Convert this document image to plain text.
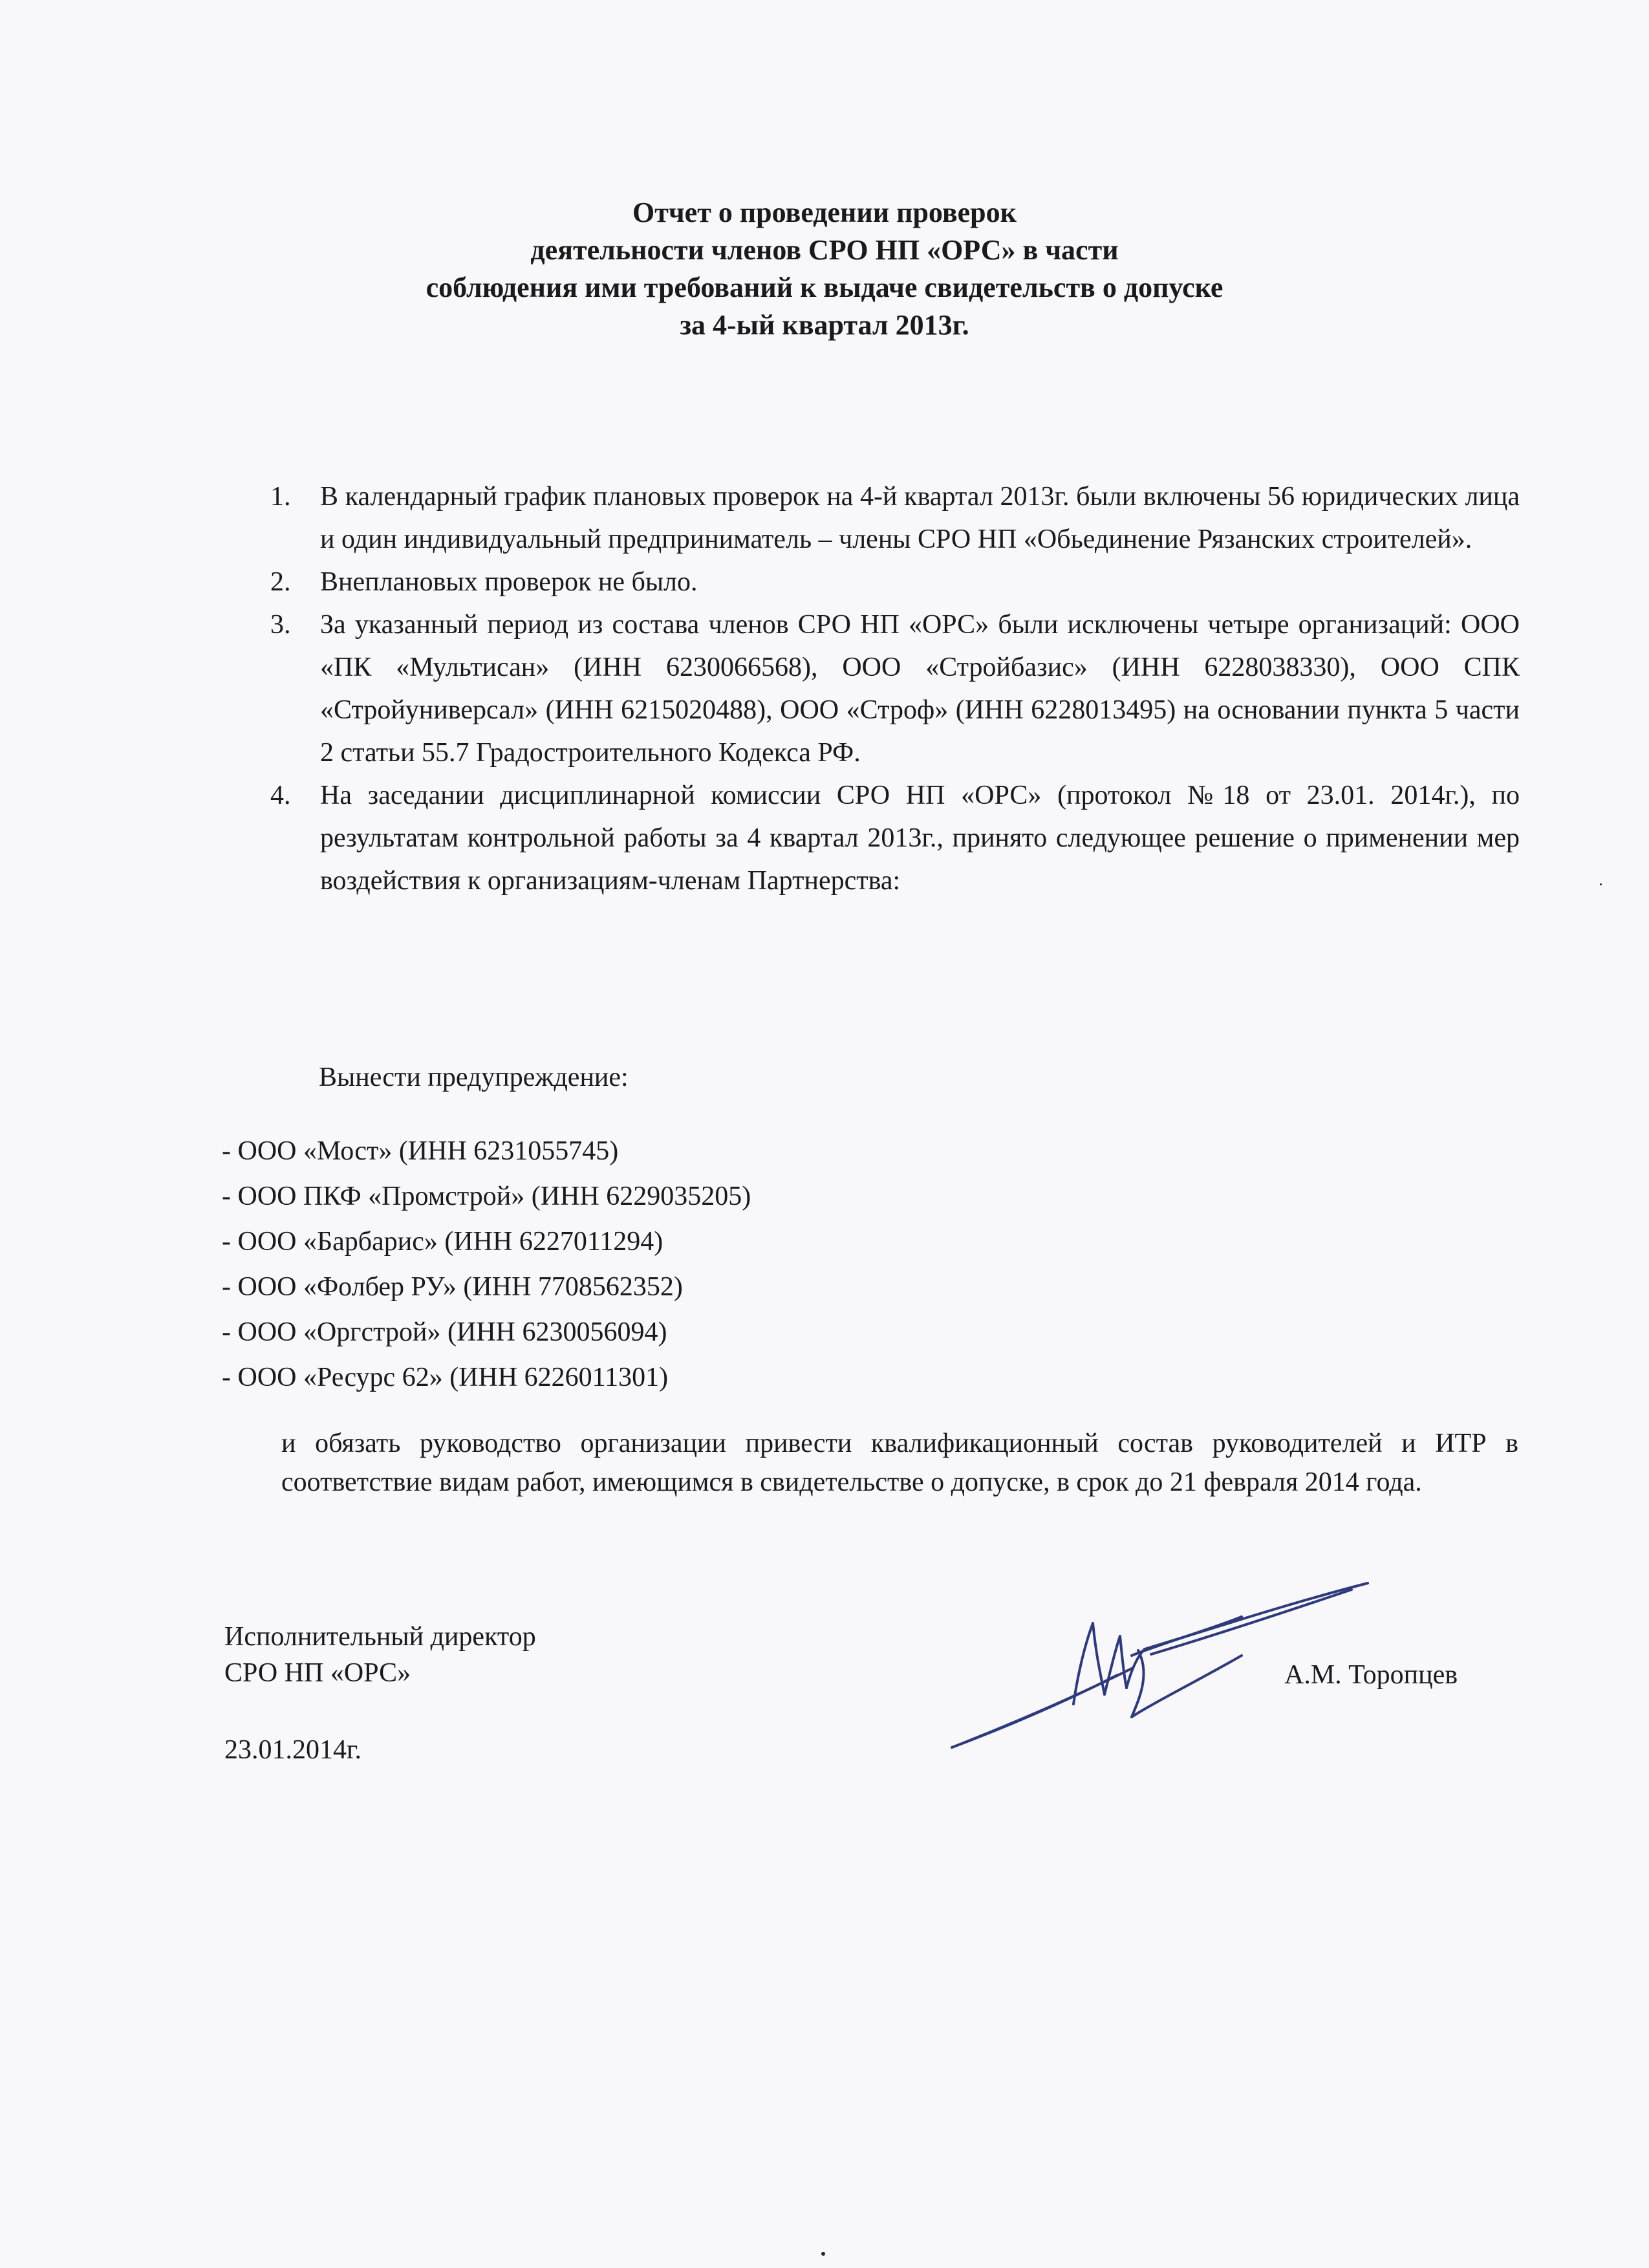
Отчет о проведении проверок
деятельности членов СРО НП «ОРС» в части
соблюдения ими требований к выдаче свидетельств о допуске
за 4-ый квартал 2013г.
1. В календарный график плановых проверок на 4-й квартал 2013г. были включены 56 юридических лица и один индивидуальный предприниматель – члены СРО НП «Обьединение Рязанских строителей».
2. Внеплановых проверок не было.
3. За указанный период из состава членов СРО НП «ОРС» были исключены четыре организаций: ООО «ПК «Мультисан» (ИНН 6230066568), ООО «Стройбазис» (ИНН 6228038330), ООО СПК «Стройуниверсал» (ИНН 6215020488), ООО «Строф» (ИНН 6228013495) на основании пункта 5 части 2 статьи 55.7 Градостроительного Кодекса РФ.
4. На заседании дисциплинарной комиссии СРО НП «ОРС» (протокол №18 от 23.01. 2014г.), по результатам контрольной работы за 4 квартал 2013г., принято следующее решение о применении мер воздействия к организациям-членам Партнерства:
Вынести предупреждение:
- ООО «Мост» (ИНН 6231055745)
- ООО ПКФ «Промстрой» (ИНН 6229035205)
- ООО «Барбарис» (ИНН 6227011294)
- ООО «Фолбер РУ» (ИНН 7708562352)
- ООО «Оргстрой» (ИНН 6230056094)
- ООО «Ресурс 62» (ИНН 6226011301)
и обязать руководство организации привести квалификационный состав руководителей и ИТР в соответствие видам работ, имеющимся в свидетельстве о допуске, в срок до 21 февраля 2014 года.
Исполнительный директор
СРО НП «ОРС»	А.М. Торопцев
23.01.2014г.
